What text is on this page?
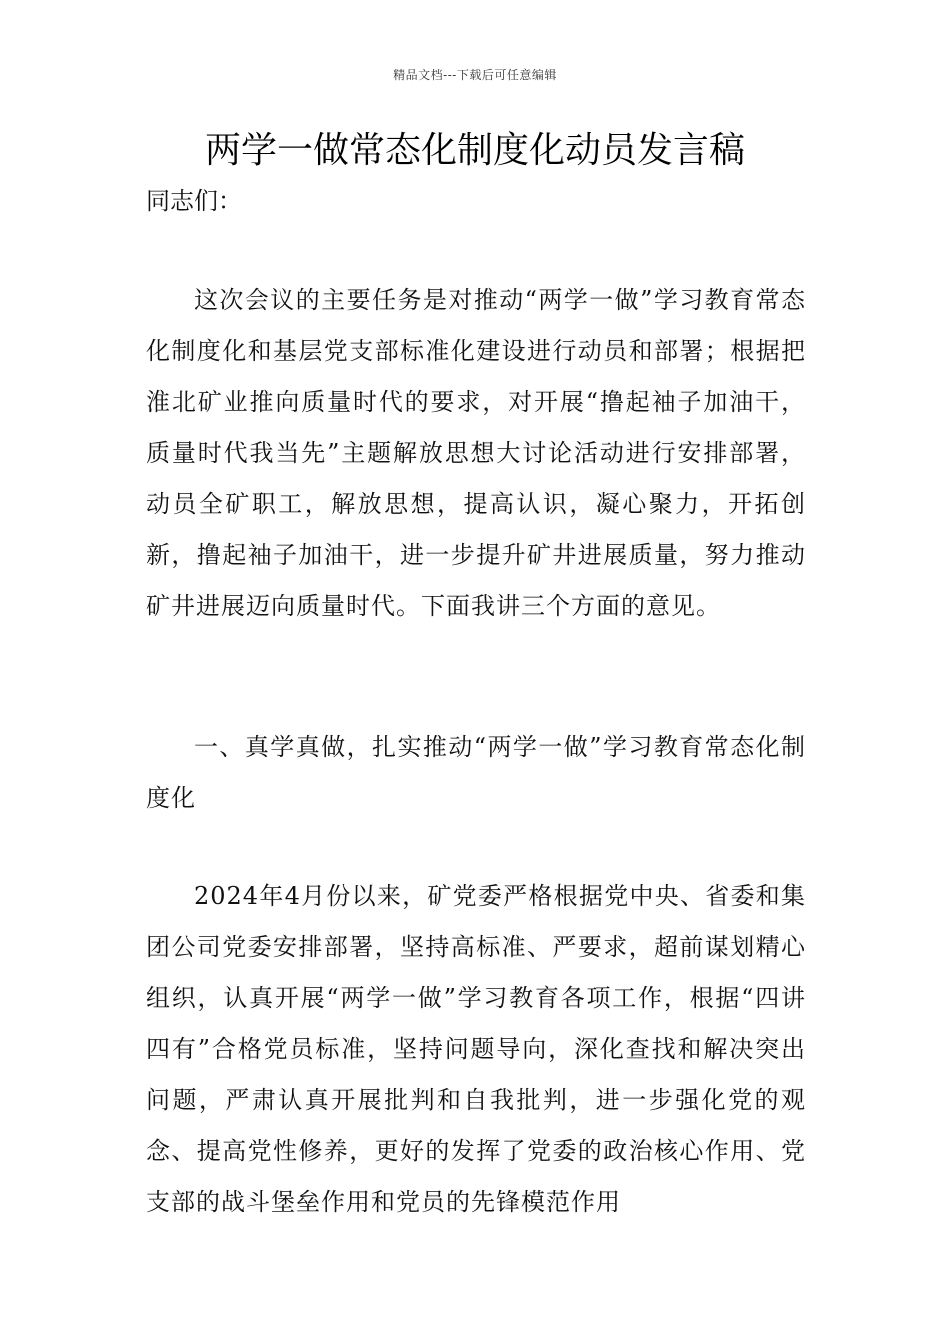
精品文档---下载后可任意编辑
两学一做常态化制度化动员发言稿

同志们：

这次会议的主要任务是对推动“两学一做”学习教育常态化制度化和基层党支部标准化建设进行动员和部署；根据把淮北矿业推向质量时代的要求，对开展“撸起袖子加油干，质量时代我当先”主题解放思想大讨论活动进行安排部署，动员全矿职工，解放思想，提高认识，凝心聚力，开拓创新，撸起袖子加油干，进一步提升矿井进展质量，努力推动矿井进展迈向质量时代。下面我讲三个方面的意见。

一、真学真做，扎实推动“两学一做”学习教育常态化制度化

2024年4月份以来，矿党委严格根据党中央、省委和集团公司党委安排部署，坚持高标准、严要求，超前谋划精心组织，认真开展“两学一做”学习教育各项工作，根据“四讲四有”合格党员标准，坚持问题导向，深化查找和解决突出问题，严肃认真开展批判和自我批判，进一步强化党的观念、提高党性修养，更好的发挥了党委的政治核心作用、党支部的战斗堡垒作用和党员的先锋模范作用
